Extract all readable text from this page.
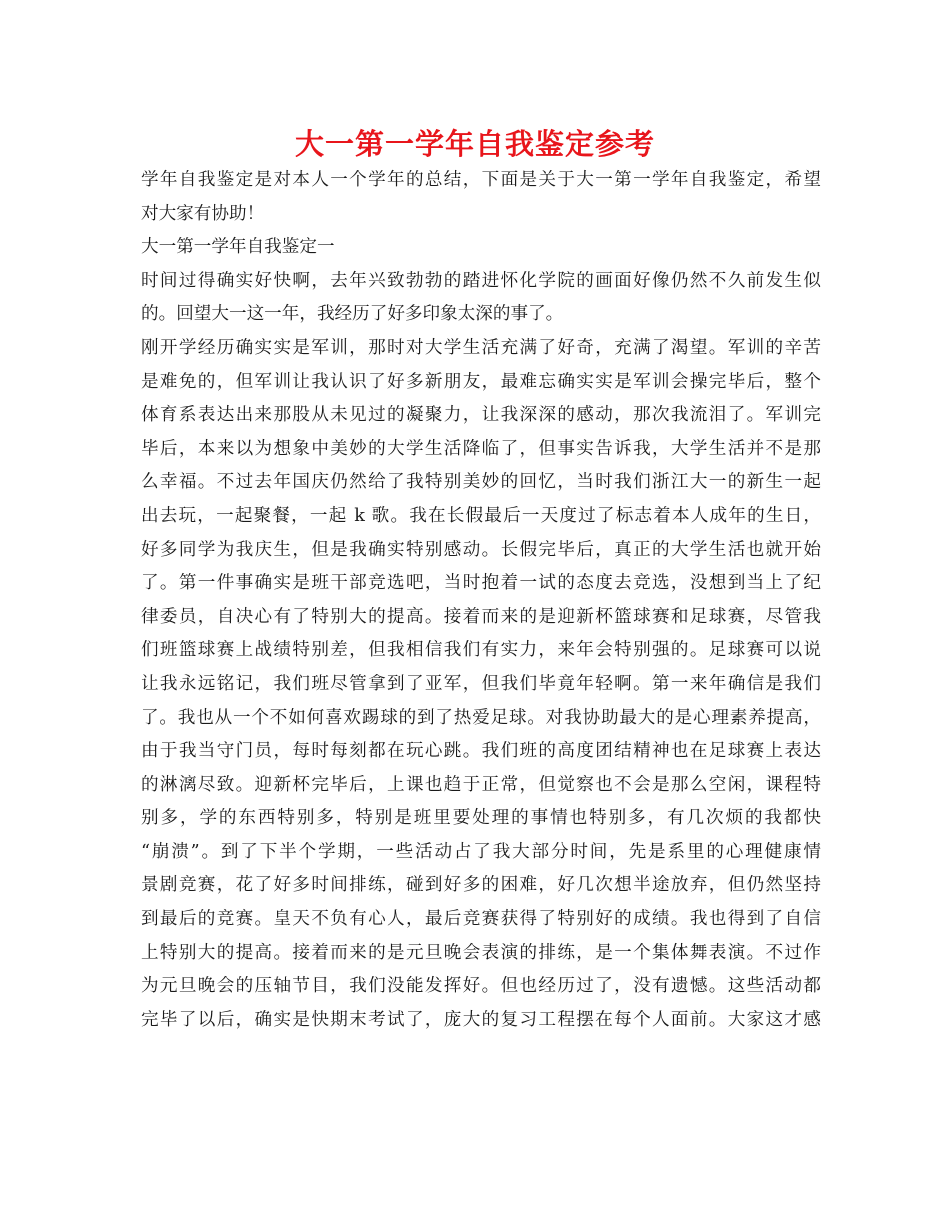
大一第一学年自我鉴定参考
学年自我鉴定是对本人一个学年的总结，下面是关于大一第一学年自我鉴定，希望
对大家有协助！
大一第一学年自我鉴定一
时间过得确实好快啊，去年兴致勃勃的踏进怀化学院的画面好像仍然不久前发生似
的。回望大一这一年，我经历了好多印象太深的事了。
刚开学经历确实实是军训，那时对大学生活充满了好奇，充满了渴望。军训的辛苦
是难免的，但军训让我认识了好多新朋友，最难忘确实实是军训会操完毕后，整个
体育系表达出来那股从未见过的凝聚力，让我深深的感动，那次我流泪了。军训完
毕后，本来以为想象中美妙的大学生活降临了，但事实告诉我，大学生活并不是那
么幸福。不过去年国庆仍然给了我特别美妙的回忆，当时我们浙江大一的新生一起
出去玩，一起聚餐，一起 k 歌。我在长假最后一天度过了标志着本人成年的生日，
好多同学为我庆生，但是我确实特别感动。长假完毕后，真正的大学生活也就开始
了。第一件事确实是班干部竞选吧，当时抱着一试的态度去竞选，没想到当上了纪
律委员，自决心有了特别大的提高。接着而来的是迎新杯篮球赛和足球赛，尽管我
们班篮球赛上战绩特别差，但我相信我们有实力，来年会特别强的。足球赛可以说
让我永远铭记，我们班尽管拿到了亚军，但我们毕竟年轻啊。第一来年确信是我们
了。我也从一个不如何喜欢踢球的到了热爱足球。对我协助最大的是心理素养提高，
由于我当守门员，每时每刻都在玩心跳。我们班的高度团结精神也在足球赛上表达
的淋漓尽致。迎新杯完毕后，上课也趋于正常，但觉察也不会是那么空闲，课程特
别多，学的东西特别多，特别是班里要处理的事情也特别多，有几次烦的我都快
“崩溃”。到了下半个学期，一些活动占了我大部分时间，先是系里的心理健康情
景剧竞赛，花了好多时间排练，碰到好多的困难，好几次想半途放弃，但仍然坚持
到最后的竞赛。皇天不负有心人，最后竞赛获得了特别好的成绩。我也得到了自信
上特别大的提高。接着而来的是元旦晚会表演的排练，是一个集体舞表演。不过作
为元旦晚会的压轴节目，我们没能发挥好。但也经历过了，没有遗憾。这些活动都
完毕了以后，确实是快期末考试了，庞大的复习工程摆在每个人面前。大家这才感
